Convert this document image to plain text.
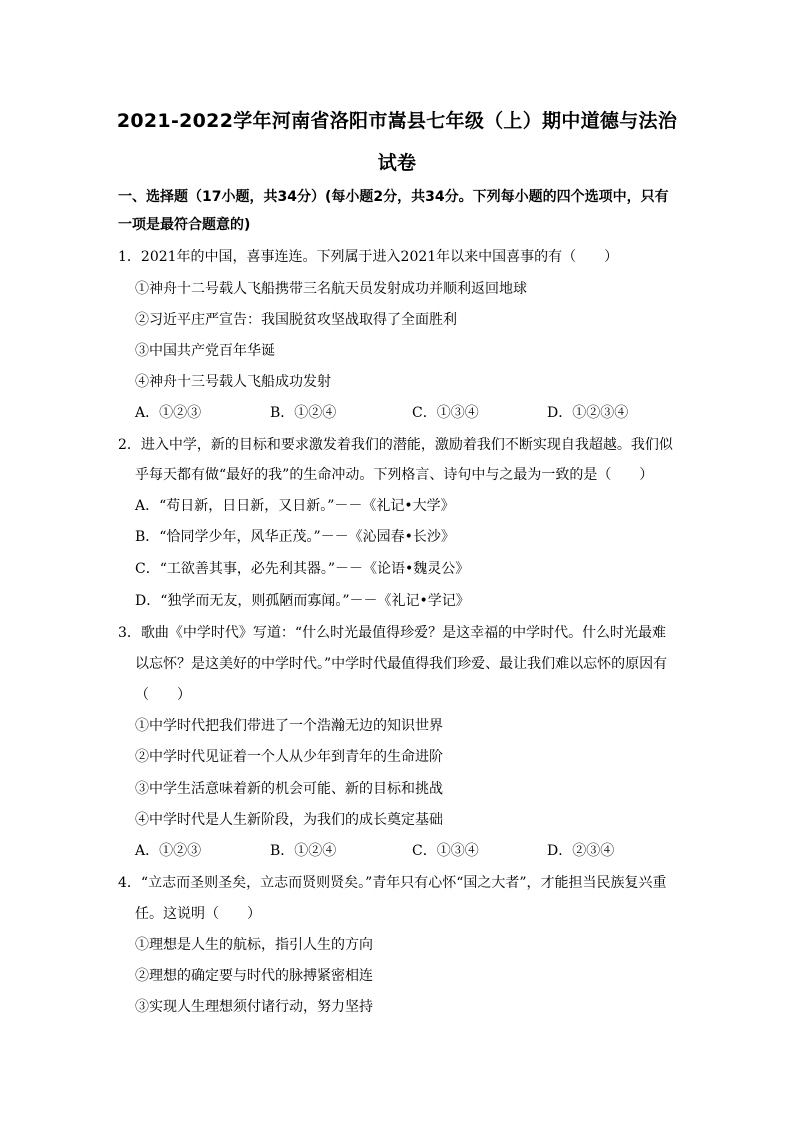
2021-2022学年河南省洛阳市嵩县七年级（上）期中道德与法治
试卷
一、选择题（17小题，共34分）(每小题2分，共34分。下列每小题的四个选项中，只有
一项是最符合题意的)
1．2021年的中国，喜事连连。下列属于进入2021年以来中国喜事的有（　　）
①神舟十二号载人飞船携带三名航天员发射成功并顺利返回地球
②习近平庄严宣告：我国脱贫攻坚战取得了全面胜利
③中国共产党百年华诞
④神舟十三号载人飞船成功发射
A．①②③	B．①②④	C．①③④	D．①②③④
2．进入中学，新的目标和要求激发着我们的潜能，激励着我们不断实现自我超越。我们似
乎每天都有做“最好的我”的生命冲动。下列格言、诗句中与之最为一致的是（　　）
A．“苟日新，日日新，又日新。”－－《礼记•大学》
B．“恰同学少年，风华正茂。”－－《沁园春•长沙》
C．“工欲善其事，必先利其器。”－－《论语•魏灵公》
D．“独学而无友，则孤陋而寡闻。”－－《礼记•学记》
3．歌曲《中学时代》写道：“什么时光最值得珍爱？是这幸福的中学时代。什么时光最难
以忘怀？是这美好的中学时代。”中学时代最值得我们珍爱、最让我们难以忘怀的原因有
（　　）
①中学时代把我们带进了一个浩瀚无边的知识世界
②中学时代见证着一个人从少年到青年的生命进阶
③中学生活意味着新的机会可能、新的目标和挑战
④中学时代是人生新阶段，为我们的成长奠定基础
A．①②③	B．①②④	C．①③④	D．②③④
4．“立志而圣则圣矣，立志而贤则贤矣。”青年只有心怀“国之大者”，才能担当民族复兴重
任。这说明（　　）
①理想是人生的航标，指引人生的方向
②理想的确定要与时代的脉搏紧密相连
③实现人生理想须付诸行动，努力坚持
